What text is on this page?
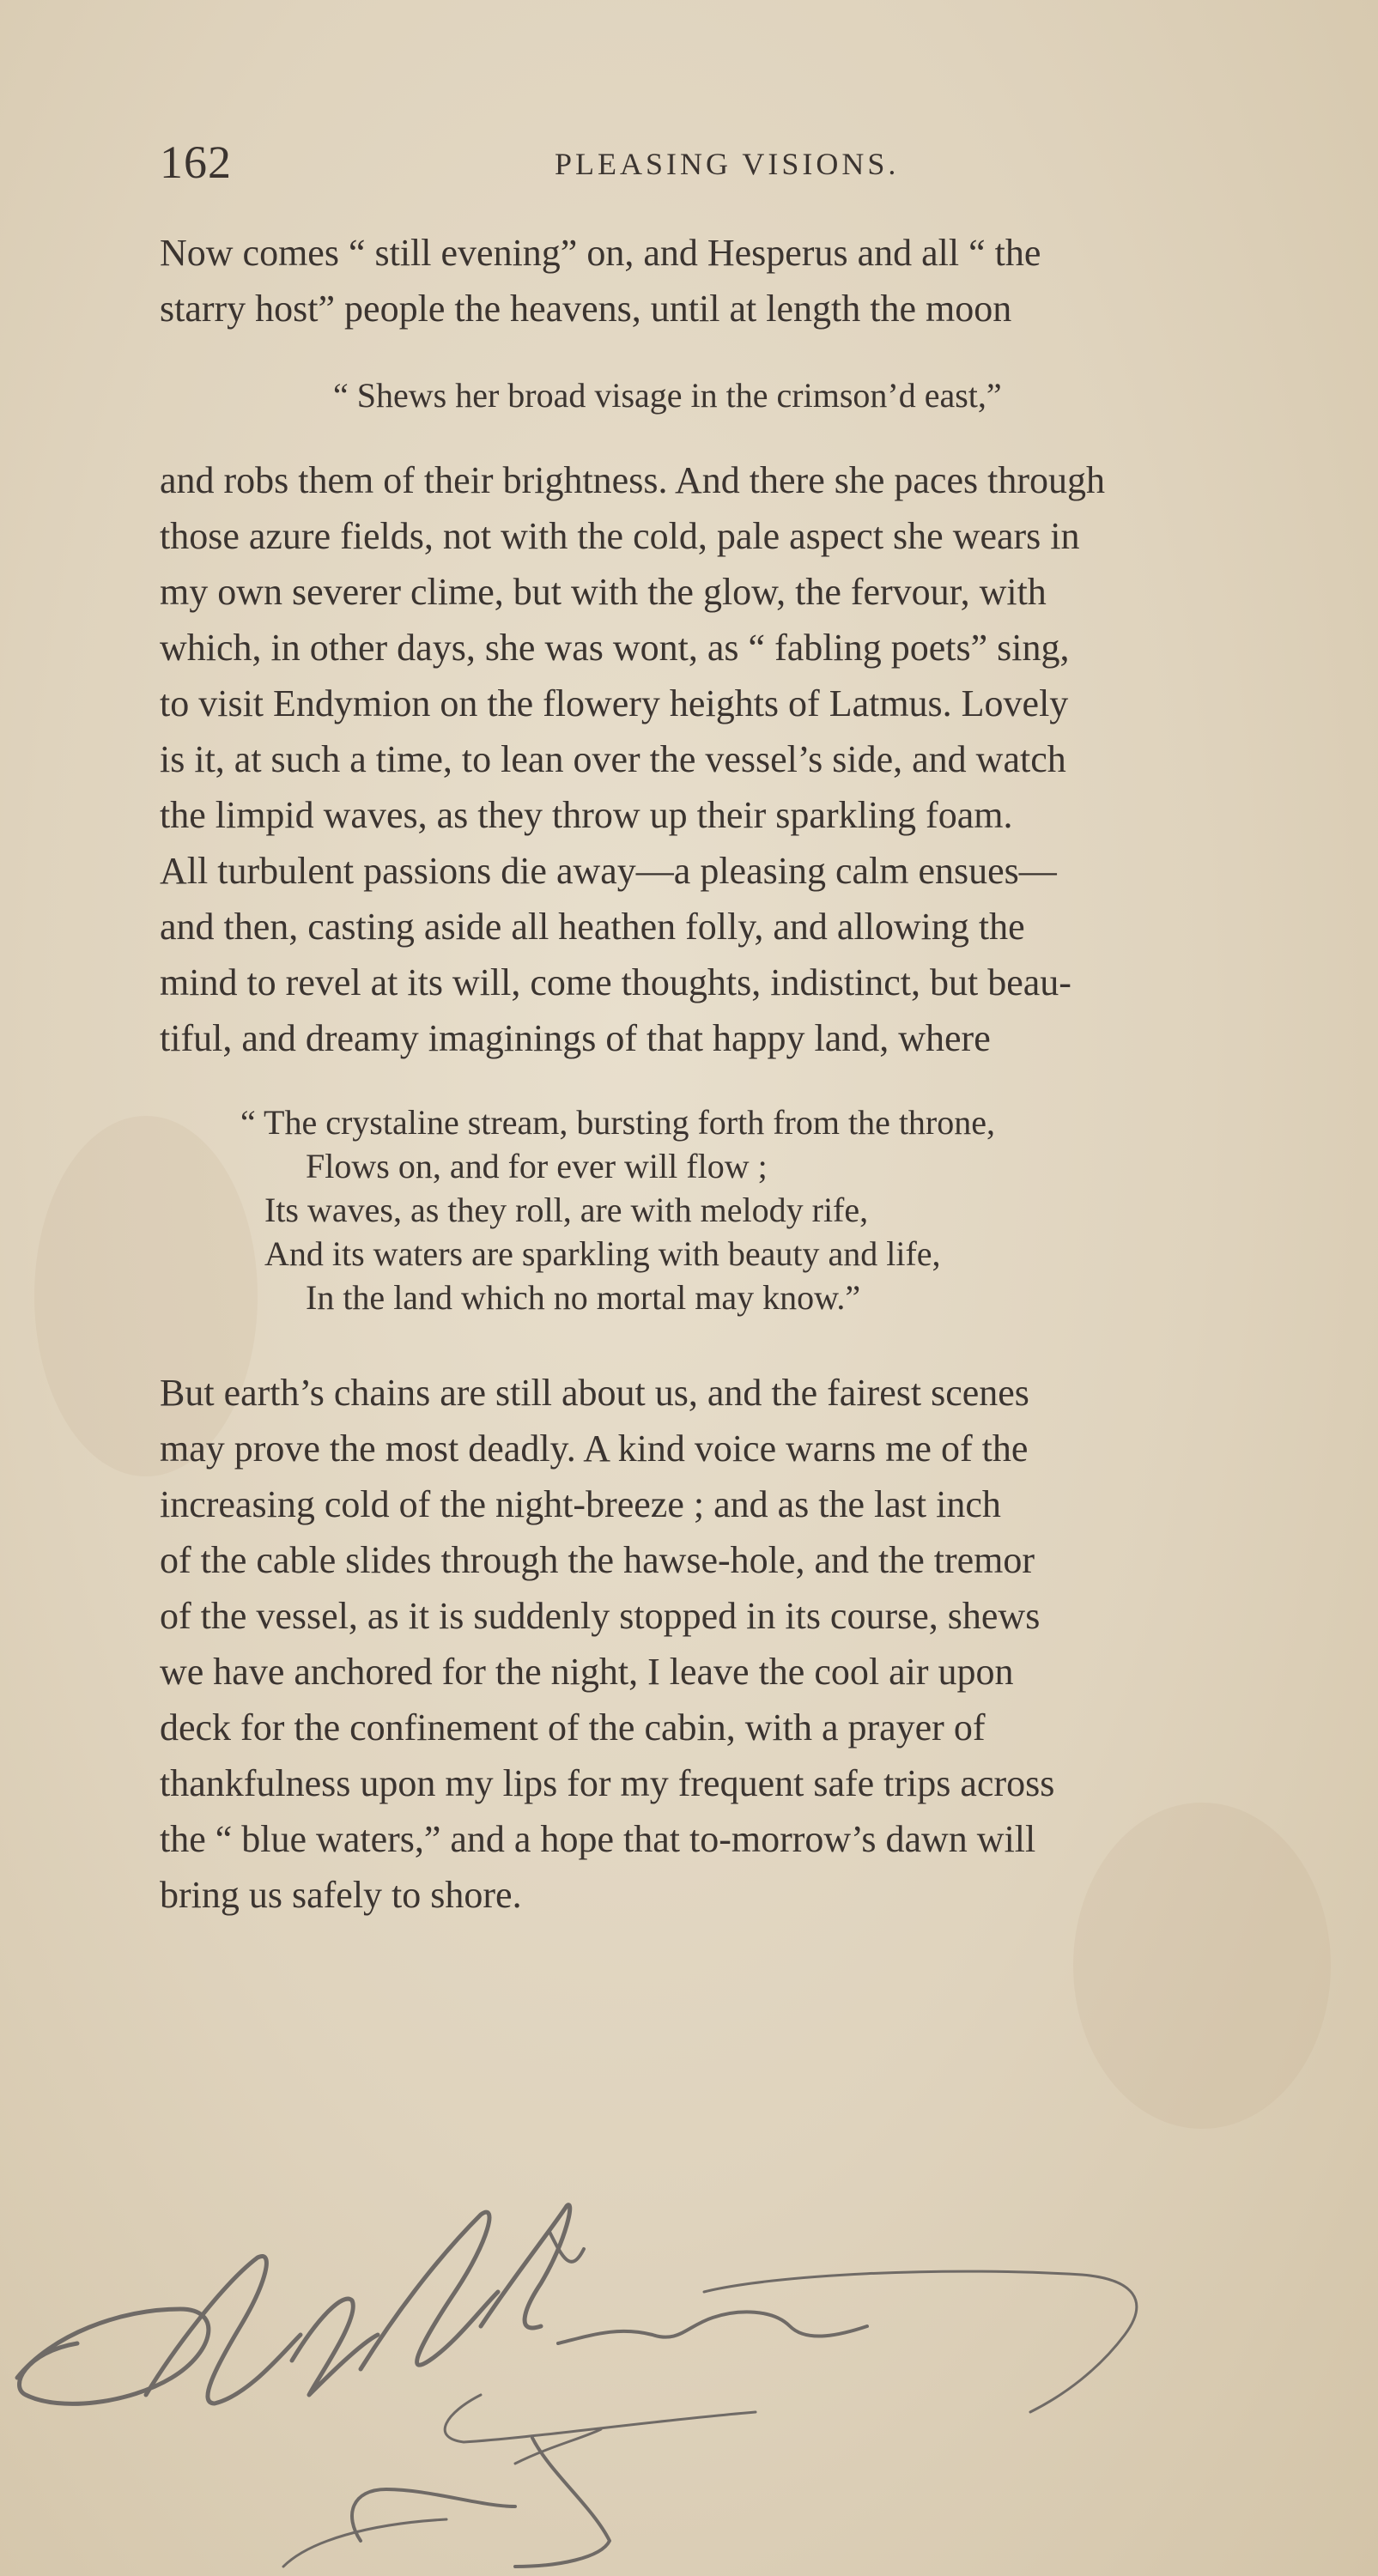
162	PLEASING VISIONS.

Now comes “ still evening” on, and Hesperus and all “ the
starry host” people the heavens, until at length the moon

“ Shews her broad visage in the crimson’d east,”

and robs them of their brightness. And there she paces through
those azure fields, not with the cold, pale aspect she wears in
my own severer clime, but with the glow, the fervour, with
which, in other days, she was wont, as “ fabling poets” sing,
to visit Endymion on the flowery heights of Latmus. Lovely
is it, at such a time, to lean over the vessel’s side, and watch
the limpid waves, as they throw up their sparkling foam.
All turbulent passions die away—a pleasing calm ensues—
and then, casting aside all heathen folly, and allowing the
mind to revel at its will, come thoughts, indistinct, but beau-
tiful, and dreamy imaginings of that happy land, where

“ The crystaline stream, bursting forth from the throne,
Flows on, and for ever will flow ;
Its waves, as they roll, are with melody rife,
And its waters are sparkling with beauty and life,
In the land which no mortal may know.”

But earth’s chains are still about us, and the fairest scenes
may prove the most deadly. A kind voice warns me of the
increasing cold of the night-breeze ; and as the last inch
of the cable slides through the hawse-hole, and the tremor
of the vessel, as it is suddenly stopped in its course, shews
we have anchored for the night, I leave the cool air upon
deck for the confinement of the cabin, with a prayer of
thankfulness upon my lips for my frequent safe trips across
the “ blue waters,” and a hope that to-morrow’s dawn will
bring us safely to shore.
